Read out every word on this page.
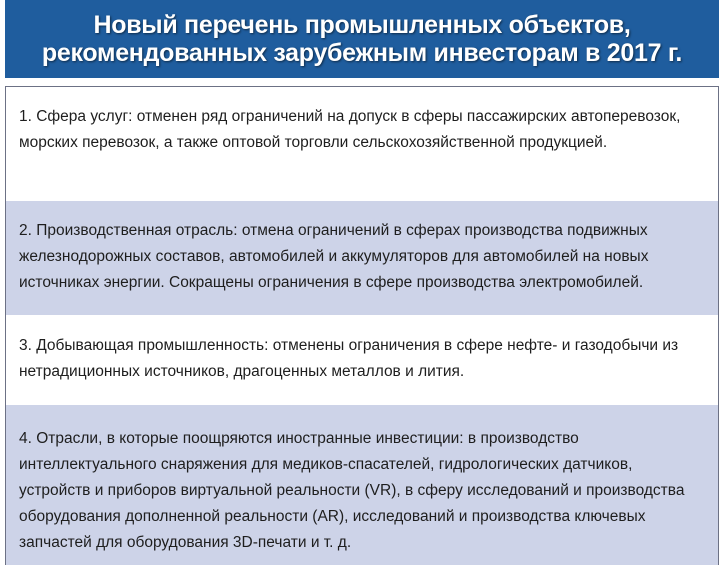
Новый перечень промышленных объектов,
рекомендованных зарубежным инвесторам в 2017 г.

1. Сфера услуг: отменен ряд ограничений на допуск в сферы пассажирских автоперевозок, морских перевозок, а также оптовой торговли сельскохозяйственной продукцией.

2. Производственная отрасль: отмена ограничений в сферах производства подвижных железнодорожных составов, автомобилей и аккумуляторов для автомобилей на новых источниках энергии. Сокращены ограничения в сфере производства электромобилей.

3. Добывающая промышленность: отменены ограничения в сфере нефте- и газодобычи из нетрадиционных источников, драгоценных металлов и лития.

4. Отрасли, в которые поощряются иностранные инвестиции: в производство интеллектуального снаряжения для медиков-спасателей, гидрологических датчиков, устройств и приборов виртуальной реальности (VR), в сферу исследований и производства оборудования дополненной реальности (AR), исследований и производства ключевых запчастей для оборудования 3D-печати и т. д.
